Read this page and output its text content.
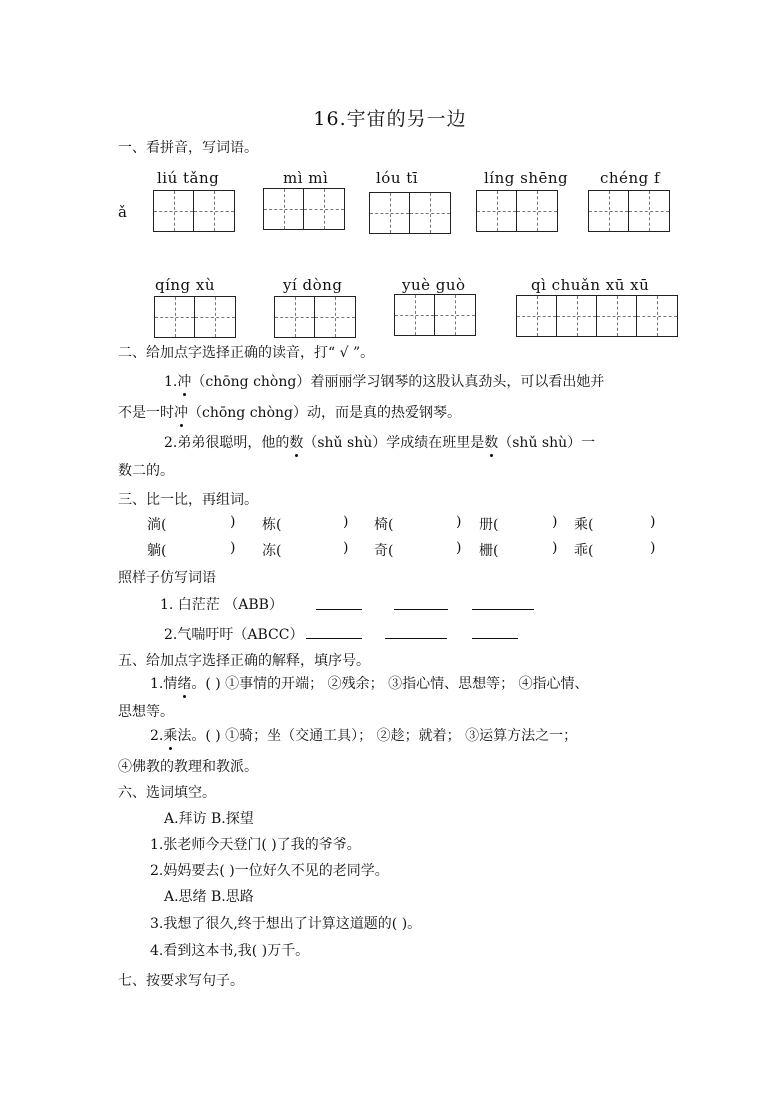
16.宇宙的另一边
一、看拼音，写词语。
liú tǎng	mì mì	lóu tī	líng shēng chéng f
ǎ
qíng xù	yí dòng	yuè guò	qì chuǎn xū xū
二、给加点字选择正确的读音，打“ √ ”。
1.冲（chōng chòng）着丽丽学习钢琴的这股认真劲头，可以看出她并
不是一时冲（chōng chòng）动，而是真的热爱钢琴。
2.弟弟很聪明，他的数（shǔ shù）学成绩在班里是数（shǔ shù）一
数二的。
三、比一比，再组词。
淌(	) 栋(	) 椅(	) 册(	) 乘(	)
躺(	) 冻(	) 奇(	) 栅(	) 乖(	)
照样子仿写词语
1. 白茫茫 （ABB）
2.气喘吁吁（ABCC）
五、给加点字选择正确的解释，填序号。
1.情绪。( ) ①事情的开端； ②残余； ③指心情、思想等； ④指心情、
思想等。
2.乘法。( ) ①骑；坐（交通工具）； ②趁；就着； ③运算方法之一；
④佛教的教理和教派。
六、选词填空。
A.拜访 B.探望
1.张老师今天登门( )了我的爷爷。
2.妈妈要去( )一位好久不见的老同学。
A.思绪 B.思路
3.我想了很久,终于想出了计算这道题的( )。
4.看到这本书,我( )万千。
七、按要求写句子。
